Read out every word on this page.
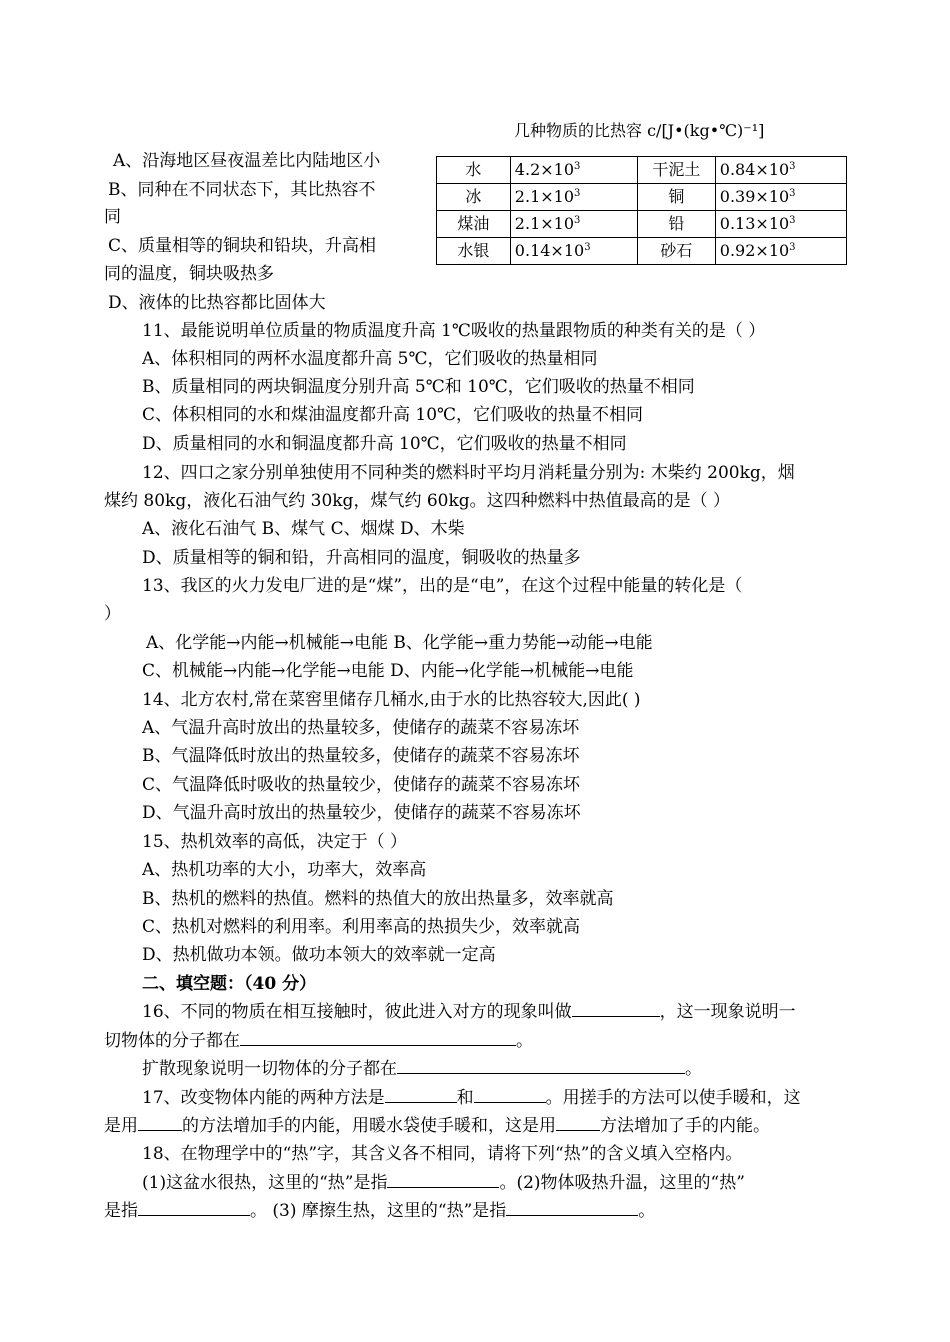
几种物质的比热容 c/[J•(kg•℃)⁻¹]
水	$4.2\times 10^3$	干泥土	$0.84\times 10^3$
冰	$2.1\times 10^3$	铜	$0.39\times 10^3$
煤油	$2.1\times 10^3$	铅	$0.13\times 10^3$
水银	$0.14\times 10^3$	砂石	$0.92\times 10^3$
A、沿海地区昼夜温差比内陆地区小
B、同种在不同状态下，其比热容不
同
C、质量相等的铜块和铅块，升高相
同的温度，铜块吸热多
D、液体的比热容都比固体大
11、最能说明单位质量的物质温度升高 1℃吸收的热量跟物质的种类有关的是（ ）
A、体积相同的两杯水温度都升高 5℃，它们吸收的热量相同
B、质量相同的两块铜温度分别升高 5℃和 10℃，它们吸收的热量不相同
C、体积相同的水和煤油温度都升高 10℃，它们吸收的热量不相同
D、质量相同的水和铜温度都升高 10℃，它们吸收的热量不相同
12、四口之家分别单独使用不同种类的燃料时平均月消耗量分别为: 木柴约 200kg，烟
煤约 80kg，液化石油气约 30kg，煤气约 60kg。这四种燃料中热值最高的是（ ）
A、液化石油气 B、煤气 C、烟煤 D、木柴
D、质量相等的铜和铅，升高相同的温度，铜吸收的热量多
13、我区的火力发电厂进的是“煤”，出的是“电”，在这个过程中能量的转化是（
）
A、化学能→内能→机械能→电能 B、化学能→重力势能→动能→电能
C、机械能→内能→化学能→电能 D、内能→化学能→机械能→电能
14、北方农村,常在菜窖里储存几桶水,由于水的比热容较大,因此( )
A、气温升高时放出的热量较多，使储存的蔬菜不容易冻坏
B、气温降低时放出的热量较多，使储存的蔬菜不容易冻坏
C、气温降低时吸收的热量较少，使储存的蔬菜不容易冻坏
D、气温升高时放出的热量较少，使储存的蔬菜不容易冻坏
15、热机效率的高低，决定于（ ）
A、热机功率的大小，功率大，效率高
B、热机的燃料的热值。燃料的热值大的放出热量多，效率就高
C、热机对燃料的利用率。利用率高的热损失少，效率就高
D、热机做功本领。做功本领大的效率就一定高
二、填空题：（40 分）
16、不同的物质在相互接触时，彼此进入对方的现象叫做	，这一现象说明一
切物体的分子都在	。
扩散现象说明一切物体的分子都在	。
17、改变物体内能的两种方法是	和	。用搓手的方法可以使手暖和，这
是用	的方法增加手的内能，用暖水袋使手暖和，这是用	方法增加了手的内能。
18、在物理学中的“热”字，其含义各不相同，请将下列“热”的含义填入空格内。
(1)这盆水很热，这里的“热”是指	。(2)物体吸热升温，这里的“热”
是指	。 (3) 摩擦生热，这里的“热”是指	。
